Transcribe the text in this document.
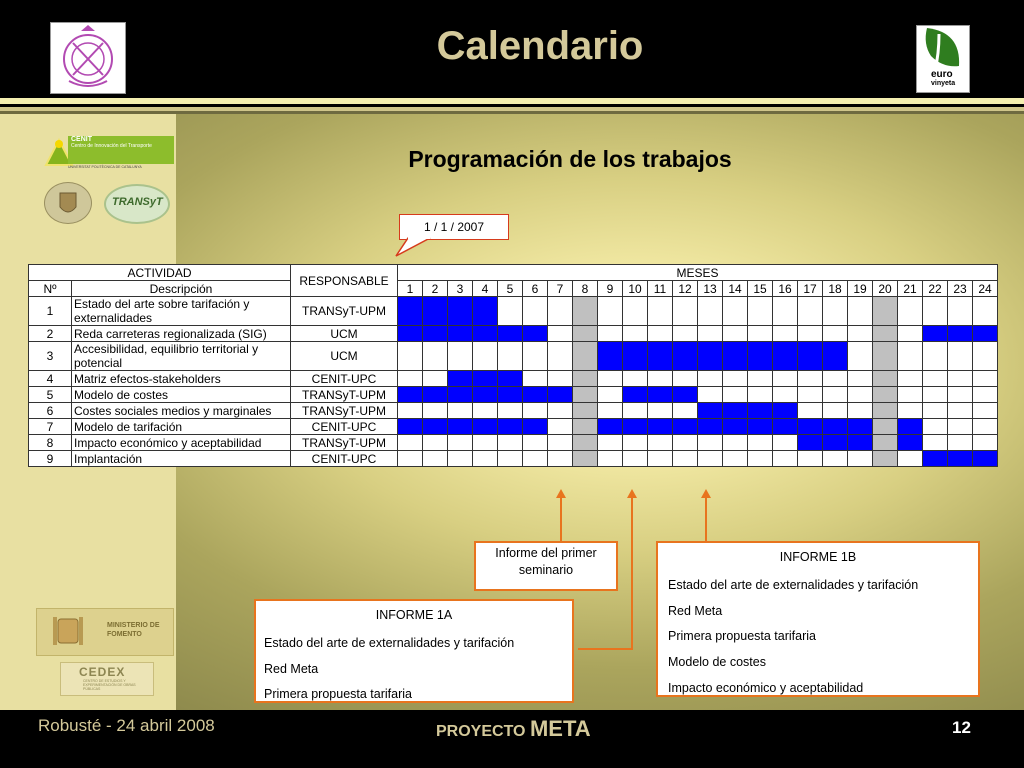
Calendario
euro
vinyeta
CENIT
Centro de Innovación del Transporte
UNIVERSITAT POLITÈCNICA DE CATALUNYA
TRANSyT
MINISTERIO DE FOMENTO
CEDEX
CENTRO DE ESTUDIOS Y EXPERIMENTACIÓN DE OBRAS PÚBLICAS
Programación de los trabajos
1 / 1 / 2007
ACTIVIDAD		RESPONSABLE	MESES																							
Nº	Descripción		1	2	3	4	5	6	7	8	9	10	11	12	13	14	15	16	17	18	19	20	21	22	23	24
1	Estado del arte sobre tarifación y externalidades	TRANSyT-UPM																								
2	Reda carreteras regionalizada (SIG)	UCM																								
3	Accesibilidad, equilibrio territorial y potencial	UCM																								
4	Matriz efectos-stakeholders	CENIT-UPC																								
5	Modelo de costes	TRANSyT-UPM																								
6	Costes sociales medios y marginales	TRANSyT-UPM																								
7	Modelo de tarifación	CENIT-UPC																								
8	Impacto económico y aceptabilidad	TRANSyT-UPM																								
9	Implantación	CENIT-UPC																								

Informe del primer

seminario

INFORME 1A

Estado del arte de externalidades y tarifación

Red Meta

Primera propuesta tarifaria

INFORME 1B

Estado del arte de externalidades y tarifación

Red Meta

Primera propuesta tarifaria

Modelo de costes

Impacto económico y aceptabilidad

Robusté - 24 abril 2008	PROYECTO META	12
